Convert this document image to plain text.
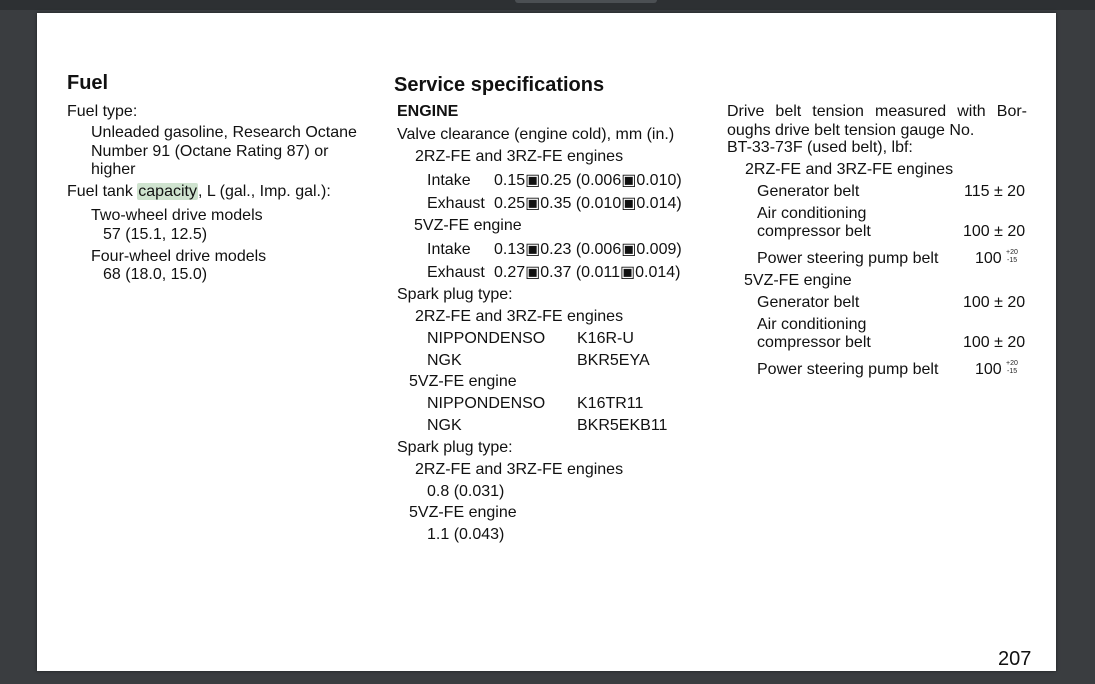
Fuel
Fuel type:
Unleaded gasoline, Research Octane
Number 91 (Octane Rating 87) or
higher
Fuel tank capacity, L (gal., Imp. gal.):
Two-wheel drive models
57 (15.1, 12.5)
Four-wheel drive models
68 (18.0, 15.0)
Service specifications
ENGINE
Valve clearance (engine cold), mm (in.)
2RZ-FE and 3RZ-FE engines
Intake 0.15▣0.25 (0.006▣0.010)
Exhaust 0.25▣0.35 (0.010▣0.014)
5VZ-FE engine
Intake 0.13▣0.23 (0.006▣0.009)
Exhaust 0.27▣0.37 (0.011▣0.014)
Spark plug type:
2RZ-FE and 3RZ-FE engines
NIPPONDENSO K16R-U
NGK	BKR5EYA
5VZ-FE engine
NIPPONDENSO K16TR11
NGK	BKR5EKB11
Spark plug type:
2RZ-FE and 3RZ-FE engines
0.8 (0.031)
5VZ-FE engine
1.1 (0.043)
Drive belt tension measured with Bor-oughs drive belt tension gauge No.
BT-33-73F (used belt), lbf:
2RZ-FE and 3RZ-FE engines
Generator belt	115 ± 20
Air conditioning
compressor belt	100 ± 20
Power steering pump belt 100 +20
-15
5VZ-FE engine
Generator belt	100 ± 20
Air conditioning
compressor belt	100 ± 20
Power steering pump belt 100 +20
-15
207
